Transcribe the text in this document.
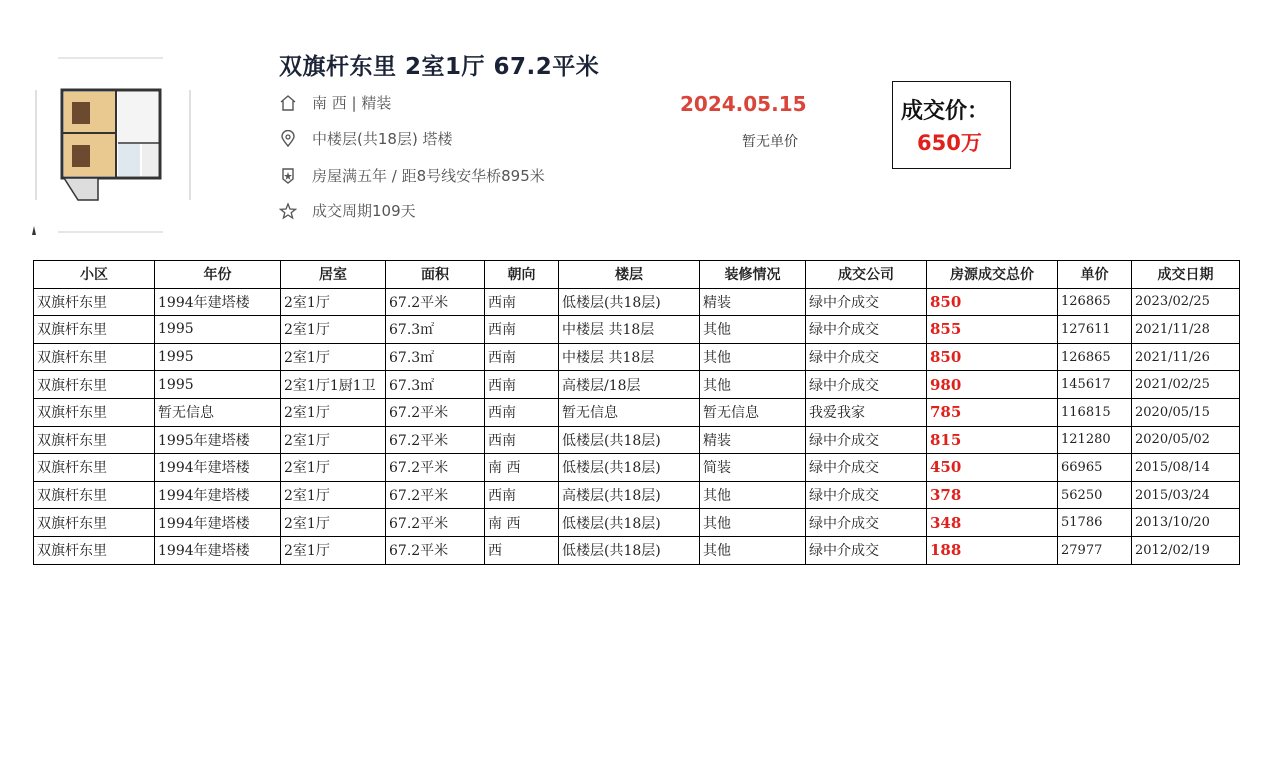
双旗杆东里 2室1厅 67.2平米
南 西 | 精装
中楼层(共18层) 塔楼
房屋满五年 / 距8号线安华桥895米
成交周期109天
2024.05.15
暂无单价
成交价：
650万
小区	年份	居室	面积	朝向	楼层	装修情况	成交公司	房源成交总价	单价	成交日期
双旗杆东里	1994年建塔楼	2室1厅	67.2平米	西南	低楼层(共18层)	精装	绿中介成交	850	126865	2023/02/25
双旗杆东里	1995	2室1厅	67.3㎡	西南	中楼层 共18层	其他	绿中介成交	855	127611	2021/11/28
双旗杆东里	1995	2室1厅	67.3㎡	西南	中楼层 共18层	其他	绿中介成交	850	126865	2021/11/26
双旗杆东里	1995	2室1厅1厨1卫	67.3㎡	西南	高楼层/18层	其他	绿中介成交	980	145617	2021/02/25
双旗杆东里	暂无信息	2室1厅	67.2平米	西南	暂无信息	暂无信息	我爱我家	785	116815	2020/05/15
双旗杆东里	1995年建塔楼	2室1厅	67.2平米	西南	低楼层(共18层)	精装	绿中介成交	815	121280	2020/05/02
双旗杆东里	1994年建塔楼	2室1厅	67.2平米	南 西	低楼层(共18层)	简装	绿中介成交	450	66965	2015/08/14
双旗杆东里	1994年建塔楼	2室1厅	67.2平米	西南	高楼层(共18层)	其他	绿中介成交	378	56250	2015/03/24
双旗杆东里	1994年建塔楼	2室1厅	67.2平米	南 西	低楼层(共18层)	其他	绿中介成交	348	51786	2013/10/20
双旗杆东里	1994年建塔楼	2室1厅	67.2平米	西	低楼层(共18层)	其他	绿中介成交	188	27977	2012/02/19
